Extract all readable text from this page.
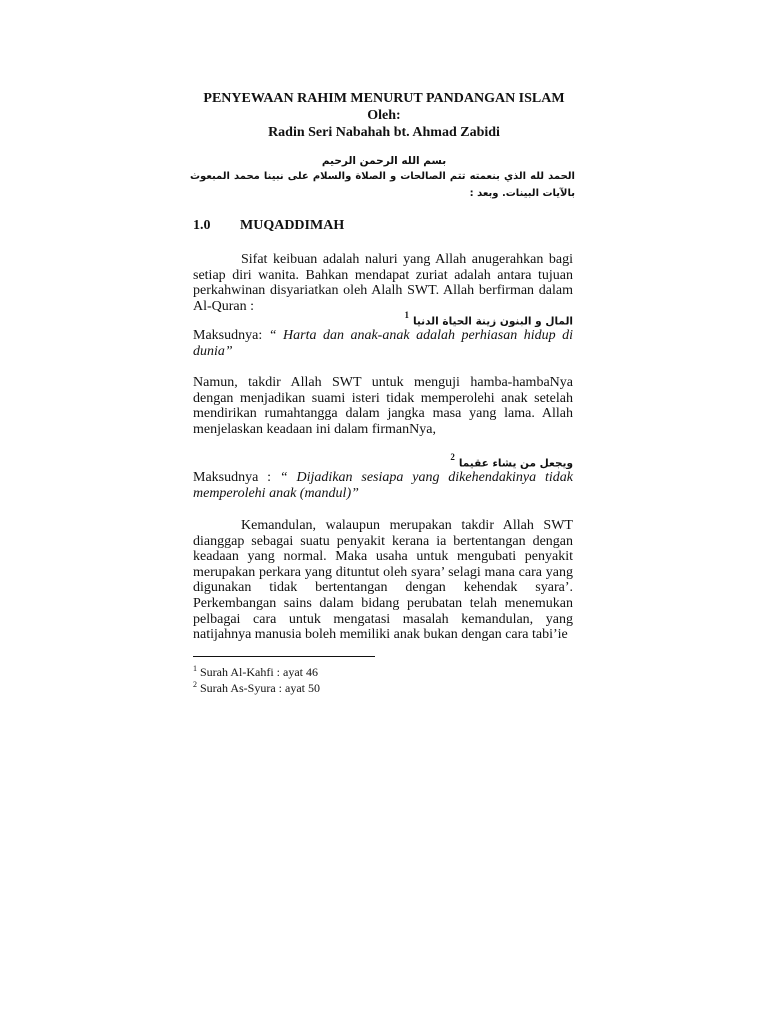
PENYEWAAN RAHIM MENURUT PANDANGAN ISLAM
Oleh:
Radin Seri Nabahah bt. Ahmad Zabidi
بسم الله الرحمن الرحيم
الحمد لله الذي بنعمته تتم الصالحات و الصلاة والسلام على نبينا محمد المبعوث بالآيات البينات. وبعد :
1.0 MUQADDIMAH

Sifat keibuan adalah naluri yang Allah anugerahkan bagi setiap diri wanita. Bahkan mendapat zuriat adalah antara tujuan perkahwinan disyariatkan oleh Alalh SWT. Allah berfirman dalam Al-Quran :

المال و البنون زينة الحياة الدنيا $^1$

Maksudnya: “ Harta dan anak-anak adalah perhiasan hidup di dunia”

Namun, takdir Allah SWT untuk menguji hamba-hambaNya dengan menjadikan suami isteri tidak memperolehi anak setelah mendirikan rumahtangga dalam jangka masa yang lama. Allah menjelaskan keadaan ini dalam firmanNya,

ويجعل من يشاء عقيما $^2$

Maksudnya : “ Dijadikan sesiapa yang dikehendakinya tidak memperolehi anak (mandul)”

Kemandulan, walaupun merupakan takdir Allah SWT dianggap sebagai suatu penyakit kerana ia bertentangan dengan keadaan yang normal. Maka usaha untuk mengubati penyakit merupakan perkara yang dituntut oleh syara’ selagi mana cara yang digunakan tidak bertentangan dengan kehendak syara’. Perkembangan sains dalam bidang perubatan telah menemukan pelbagai cara untuk mengatasi masalah kemandulan, yang natijahnya manusia boleh memiliki anak bukan dengan cara tabi’ie

$^1$ Surah Al-Kahfi : ayat 46
$^2$ Surah As-Syura : ayat 50
